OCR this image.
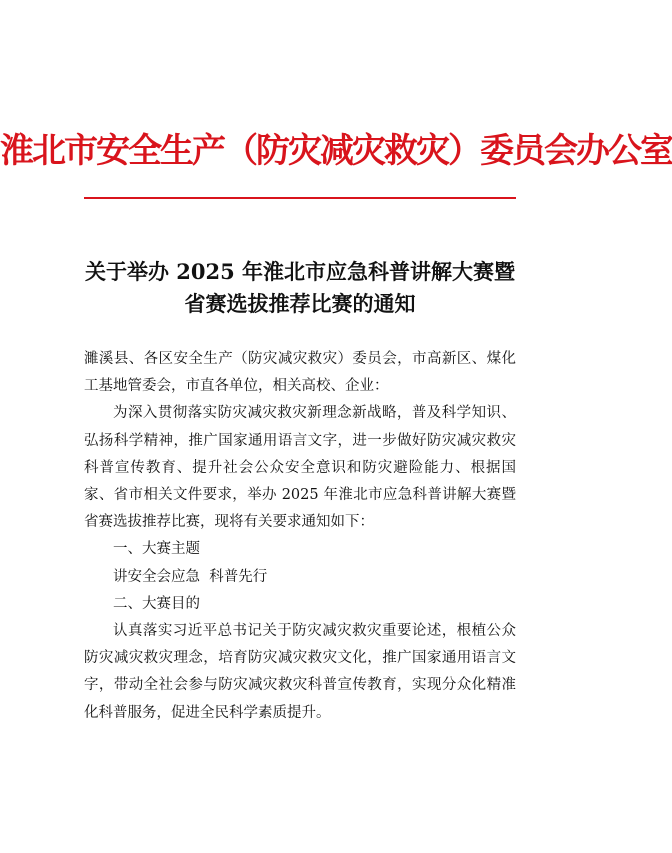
淮北市安全生产（防灾减灾救灾）委员会办公室
关于举办 2025 年淮北市应急科普讲解大赛暨
省赛选拔推荐比赛的通知

濉溪县、各区安全生产（防灾减灾救灾）委员会，市高新区、煤化工基地管委会，市直各单位，相关高校、企业：

为深入贯彻落实防灾减灾救灾新理念新战略，普及科学知识、弘扬科学精神，推广国家通用语言文字，进一步做好防灾减灾救灾科普宣传教育、提升社会公众安全意识和防灾避险能力、根据国家、省市相关文件要求，举办 2025 年淮北市应急科普讲解大赛暨省赛选拔推荐比赛，现将有关要求通知如下：

一、大赛主题

讲安全会应急  科普先行

二、大赛目的

认真落实习近平总书记关于防灾减灾救灾重要论述，根植公众防灾减灾救灾理念，培育防灾减灾救灾文化，推广国家通用语言文字，带动全社会参与防灾减灾救灾科普宣传教育，实现分众化精准化科普服务，促进全民科学素质提升。
